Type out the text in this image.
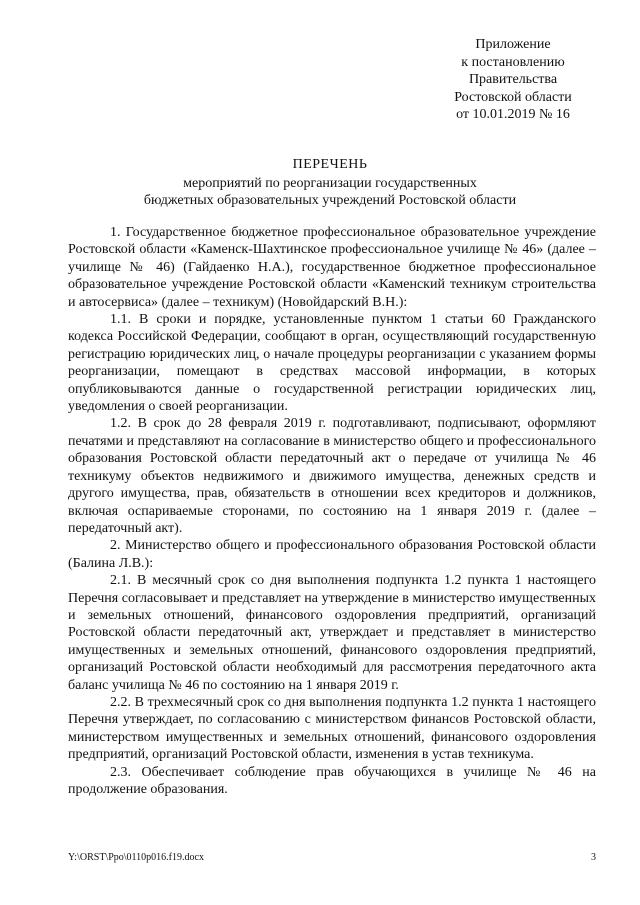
Приложение
к постановлению
Правительства
Ростовской области
от 10.01.2019 № 16
ПЕРЕЧЕНЬ
мероприятий по реорганизации государственных
бюджетных образовательных учреждений Ростовской области

1. Государственное бюджетное профессиональное образовательное учреждение Ростовской области «Каменск-Шахтинское профессиональное училище № 46» (далее – училище № 46) (Гайдаенко Н.А.), государственное бюджетное профессиональное образовательное учреждение Ростовской области «Каменский техникум строительства и автосервиса» (далее – техникум) (Новойдарский В.Н.):

1.1. В сроки и порядке, установленные пунктом 1 статьи 60 Гражданского кодекса Российской Федерации, сообщают в орган, осуществляющий государственную регистрацию юридических лиц, о начале процедуры реорганизации с указанием формы реорганизации, помещают в средствах массовой информации, в которых опубликовываются данные о государственной регистрации юридических лиц, уведомления о своей реорганизации.

1.2. В срок до 28 февраля 2019 г. подготавливают, подписывают, оформляют печатями и представляют на согласование в министерство общего и профессионального образования Ростовской области передаточный акт о передаче от училища № 46 техникуму объектов недвижимого и движимого имущества, денежных средств и другого имущества, прав, обязательств в отношении всех кредиторов и должников, включая оспариваемые сторонами, по состоянию на 1 января 2019 г. (далее – передаточный акт).

2. Министерство общего и профессионального образования Ростовской области (Балина Л.В.):

2.1. В месячный срок со дня выполнения подпункта 1.2 пункта 1 настоящего Перечня согласовывает и представляет на утверждение в министерство имущественных и земельных отношений, финансового оздоровления предприятий, организаций Ростовской области передаточный акт, утверждает и представляет в министерство имущественных и земельных отношений, финансового оздоровления предприятий, организаций Ростовской области необходимый для рассмотрения передаточного акта баланс училища № 46 по состоянию на 1 января 2019 г.

2.2. В трехмесячный срок со дня выполнения подпункта 1.2 пункта 1 настоящего Перечня утверждает, по согласованию с министерством финансов Ростовской области, министерством имущественных и земельных отношений, финансового оздоровления предприятий, организаций Ростовской области, изменения в устав техникума.

2.3. Обеспечивает соблюдение прав обучающихся в училище № 46 на продолжение образования.

Y:\ORST\Ppo\0110p016.f19.docx	3
